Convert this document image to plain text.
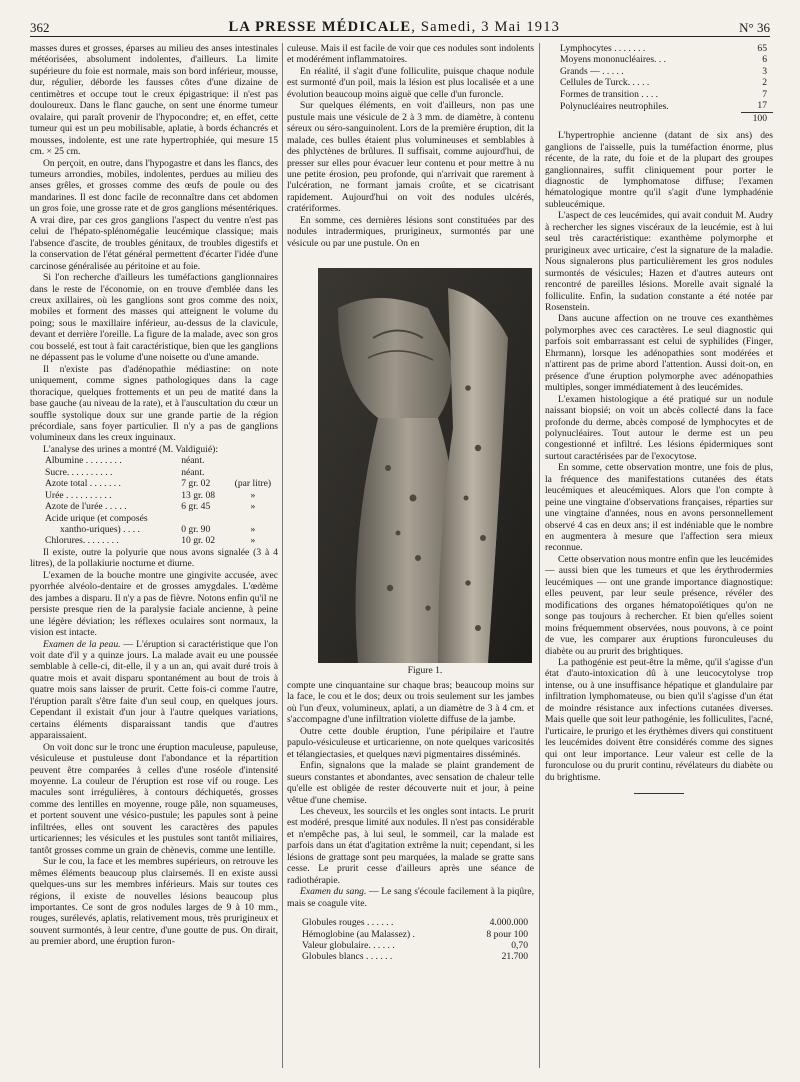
362	LA PRESSE MÉDICALE, Samedi, 3 Mai 1913	N° 36

masses dures et grosses, éparses au milieu des anses intestinales météorisées, absolument indolentes, d'ailleurs. La limite supérieure du foie est normale, mais son bord inférieur, mousse, dur, régulier, déborde les fausses côtes d'une dizaine de centimètres et occupe tout le creux épigastrique: il n'est pas douloureux. Dans le flanc gauche, on sent une énorme tumeur ovalaire, qui paraît provenir de l'hypocondre; et, en effet, cette tumeur qui est un peu mobilisable, aplatie, à bords échancrés et mousses, indolente, est une rate hypertrophiée, qui mesure 15 cm. × 25 cm.

On perçoit, en outre, dans l'hypogastre et dans les flancs, des tumeurs arrondies, mobiles, indolentes, perdues au milieu des anses grêles, et grosses comme des œufs de poule ou des mandarines. Il est donc facile de reconnaître dans cet abdomen un gros foie, une grosse rate et de gros ganglions mésentériques. A vrai dire, par ces gros ganglions l'aspect du ventre n'est pas celui de l'hépato-splénomégalie leucémique classique; mais l'absence d'ascite, de troubles génitaux, de troubles digestifs et la conservation de l'état général permettent d'écarter l'idée d'une carcinose généralisée au péritoine et au foie.

Si l'on recherche d'ailleurs les tuméfactions ganglionnaires dans le reste de l'économie, on en trouve d'emblée dans les creux axillaires, où les ganglions sont gros comme des noix, mobiles et forment des masses qui atteignent le volume du poing; sous le maxillaire inférieur, au-dessus de la clavicule, devant et derrière l'oreille. La figure de la malade, avec son gros cou bosselé, est tout à fait caractéristique, bien que les ganglions ne dépassent pas le volume d'une noisette ou d'une amande.

Il n'existe pas d'adénopathie médiastine: on note uniquement, comme signes pathologiques dans la cage thoracique, quelques frottements et un peu de matité dans la base gauche (au niveau de la rate), et à l'auscultation du cœur un souffle systolique doux sur une grande partie de la région précordiale, sans foyer particulier. Il n'y a pas de ganglions volumineux dans les creux inguinaux.

L'analyse des urines a montré (M. Valdiguié):

Albumine . . . . . . . .	néant.	
Sucre. . . . . . . . . .	néant.	
Azote total . . . . . . .	7 gr. 02	(par litre)
Urée . . . . . . . . . .	13 gr. 08	»
Azote de l'urée . . . . .	6 gr. 45	»
Acide urique (et composés		
xantho-uriques) . . . .	0 gr. 90	»
Chlorures. . . . . . . .	10 gr. 02	»

Il existe, outre la polyurie que nous avons signalée (3 à 4 litres), de la pollakiurie nocturne et diurne.

L'examen de la bouche montre une gingivite accusée, avec pyorrhée alvéolo-dentaire et de grosses amygdales. L'œdème des jambes a disparu. Il n'y a pas de fièvre. Notons enfin qu'il ne persiste presque rien de la paralysie faciale ancienne, à peine une légère déviation; les réflexes oculaires sont normaux, la vision est intacte.

Examen de la peau. — L'éruption si caractéristique que l'on voit date d'il y a quinze jours. La malade avait eu une poussée semblable à celle-ci, dit-elle, il y a un an, qui avait duré trois à quatre mois et avait disparu spontanément au bout de trois à quatre mois sans laisser de prurit. Cette fois-ci comme l'autre, l'éruption paraît s'être faite d'un seul coup, en quelques jours. Cependant il existait d'un jour à l'autre quelques variations, certains éléments disparaissant tandis que d'autres apparaissaient.

On voit donc sur le tronc une éruption maculeuse, papuleuse, vésiculeuse et pustuleuse dont l'abondance et la répartition peuvent être comparées à celles d'une roséole d'intensité moyenne. La couleur de l'éruption est rose vif ou rouge. Les macules sont irrégulières, à contours déchiquetés, grosses comme des lentilles en moyenne, rouge pâle, non squameuses, et portent souvent une vésico-pustule; les papules sont à peine infiltrées, elles ont souvent les caractères des papules urticariennes; les vésicules et les pustules sont tantôt miliaires, tantôt grosses comme un grain de chènevis, comme une lentille.

Sur le cou, la face et les membres supérieurs, on retrouve les mêmes éléments beaucoup plus clairsemés. Il en existe aussi quelques-uns sur les membres inférieurs. Mais sur toutes ces régions, il existe de nouvelles lésions beaucoup plus importantes. Ce sont de gros nodules larges de 9 à 10 mm., rouges, surélevés, aplatis, relativement mous, très prurigineux et souvent surmontés, à leur centre, d'une goutte de pus. On dirait, au premier abord, une éruption furon-

culeuse. Mais il est facile de voir que ces nodules sont indolents et modérément inflammatoires.

En réalité, il s'agit d'une folliculite, puisque chaque nodule est surmonté d'un poil, mais la lésion est plus localisée et a une évolution beaucoup moins aiguë que celle d'un furoncle.

Sur quelques éléments, en voit d'ailleurs, non pas une pustule mais une vésicule de 2 à 3 mm. de diamètre, à contenu séreux ou séro-sanguinolent. Lors de la première éruption, dit la malade, ces bulles étaient plus volumineuses et semblables à des phlyctènes de brûlures. Il suffisait, comme aujourd'hui, de presser sur elles pour évacuer leur contenu et pour mettre à nu une petite érosion, peu profonde, qui n'arrivait que rarement à l'ulcération, ne formant jamais croûte, et se cicatrisant rapidement. Aujourd'hui on voit des nodules ulcérés, cratériformes.

En somme, ces dernières lésions sont constituées par des nodules intradermiques, prurigineux, surmontés par une vésicule ou par une pustule. On en

Figure 1.

compte une cinquantaine sur chaque bras; beaucoup moins sur la face, le cou et le dos; deux ou trois seulement sur les jambes où l'un d'eux, volumineux, aplati, a un diamètre de 3 à 4 cm. et s'accompagne d'une infiltration violette diffuse de la jambe.

Outre cette double éruption, l'une péripilaire et l'autre papulo-vésiculeuse et urticarienne, on note quelques varicosités et télangiectasies, et quelques nævi pigmentaires disséminés.

Enfin, signalons que la malade se plaint grandement de sueurs constantes et abondantes, avec sensation de chaleur telle qu'elle est obligée de rester découverte nuit et jour, à peine vêtue d'une chemise.

Les cheveux, les sourcils et les ongles sont intacts. Le prurit est modéré, presque limité aux nodules. Il n'est pas considérable et n'empêche pas, à lui seul, le sommeil, car la malade est parfois dans un état d'agitation extrême la nuit; cependant, si les lésions de grattage sont peu marquées, la malade se gratte sans cesse. Le prurit cesse d'ailleurs après une séance de radiothérapie.

Examen du sang. — Le sang s'écoule facilement à la piqûre, mais se coagule vite.

Globules rouges . . . . . .	4.000.000
Hémoglobine (au Malassez) .	8 pour 100
Valeur globulaire. . . . . .	0,70
Globules blancs . . . . . .	21.700
Lymphocytes . . . . . . .	65
Moyens mononucléaires. . .	6
Grands — . . . . .	3
Cellules de Turck. . . . .	2
Formes de transition . . . .	7
Polynucléaires neutrophiles.	17
	100

L'hypertrophie ancienne (datant de six ans) des ganglions de l'aisselle, puis la tuméfaction énorme, plus récente, de la rate, du foie et de la plupart des groupes ganglionnaires, suffit cliniquement pour porter le diagnostic de lymphomatose diffuse; l'examen hématologique montre qu'il s'agit d'une lymphadénie subleucémique.

L'aspect de ces leucémides, qui avait conduit M. Audry à rechercher les signes viscéraux de la leucémie, est à lui seul très caractéristique: exanthème polymorphe et prurigineux avec urticaire, c'est la signature de la maladie. Nous signalerons plus particulièrement les gros nodules surmontés de vésicules; Hazen et d'autres auteurs ont rencontré de pareilles lésions. Morelle avait signalé la folliculite. Enfin, la sudation constante a été notée par Rosenstein.

Dans aucune affection on ne trouve ces exanthèmes polymorphes avec ces caractères. Le seul diagnostic qui parfois soit embarrassant est celui de syphilides (Finger, Ehrmann), lorsque les adénopathies sont modérées et n'attirent pas de prime abord l'attention. Aussi doit-on, en présence d'une éruption polymorphe avec adénopathies multiples, songer immédiatement à des leucémides.

L'examen histologique a été pratiqué sur un nodule naissant biopsié; on voit un abcès collecté dans la face profonde du derme, abcès composé de lymphocytes et de polynucléaires. Tout autour le derme est un peu congestionné et infiltré. Les lésions épidermiques sont surtout caractérisées par de l'exocytose.

En somme, cette observation montre, une fois de plus, la fréquence des manifestations cutanées des états leucémiques et aleucémiques. Alors que l'on compte à peine une vingtaine d'observations françaises, réparties sur une vingtaine d'années, nous en avons personnellement observé 4 cas en deux ans; il est indéniable que le nombre en augmentera à mesure que l'affection sera mieux reconnue.

Cette observation nous montre enfin que les leucémides — aussi bien que les tumeurs et que les érythrodermies leucémiques — ont une grande importance diagnostique: elles peuvent, par leur seule présence, révéler des modifications des organes hématopoïétiques qu'on ne songe pas toujours à rechercher. Et bien qu'elles soient moins fréquemment observées, nous pouvons, à ce point de vue, les comparer aux éruptions furonculeuses du diabète ou au prurit des brightiques.

La pathogénie est peut-être la même, qu'il s'agisse d'un état d'auto-intoxication dû à une leucocytolyse trop intense, ou à une insuffisance hépatique et glandulaire par infiltration lymphomateuse, ou bien qu'il s'agisse d'un état de moindre résistance aux infections cutanées diverses. Mais quelle que soit leur pathogénie, les folliculites, l'acné, l'urticaire, le prurigo et les érythèmes divers qui constituent les leucémides doivent être considérés comme des signes qui ont leur importance. Leur valeur est celle de la furonculose ou du prurit continu, révélateurs du diabète ou du brightisme.
